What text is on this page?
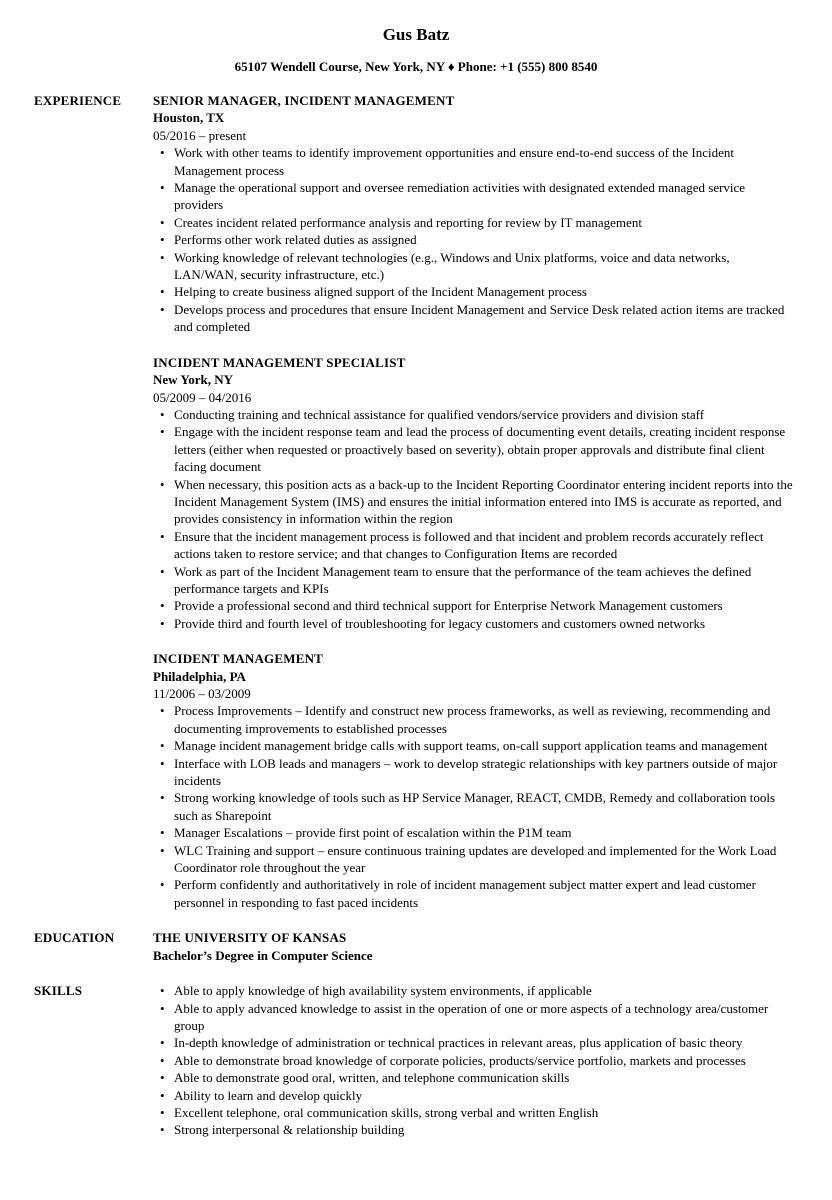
Gus Batz
65107 Wendell Course, New York, NY ♦ Phone: +1 (555) 800 8540
EXPERIENCE SENIOR MANAGER, INCIDENT MANAGEMENT
Houston, TX
05/2016 – present
• Work with other teams to identify improvement opportunities and ensure end-to-end success of the Incident Management process
• Manage the operational support and oversee remediation activities with designated extended managed service providers
• Creates incident related performance analysis and reporting for review by IT management
• Performs other work related duties as assigned
• Working knowledge of relevant technologies (e.g., Windows and Unix platforms, voice and data networks, LAN/WAN, security infrastructure, etc.)
• Helping to create business aligned support of the Incident Management process
• Develops process and procedures that ensure Incident Management and Service Desk related action items are tracked and completed
INCIDENT MANAGEMENT SPECIALIST
New York, NY
05/2009 – 04/2016
• Conducting training and technical assistance for qualified vendors/service providers and division staff
• Engage with the incident response team and lead the process of documenting event details, creating incident response letters (either when requested or proactively based on severity), obtain proper approvals and distribute final client facing document
• When necessary, this position acts as a back-up to the Incident Reporting Coordinator entering incident reports into the Incident Management System (IMS) and ensures the initial information entered into IMS is accurate as reported, and provides consistency in information within the region
• Ensure that the incident management process is followed and that incident and problem records accurately reflect actions taken to restore service; and that changes to Configuration Items are recorded
• Work as part of the Incident Management team to ensure that the performance of the team achieves the defined performance targets and KPIs
• Provide a professional second and third technical support for Enterprise Network Management customers
• Provide third and fourth level of troubleshooting for legacy customers and customers owned networks
INCIDENT MANAGEMENT
Philadelphia, PA
11/2006 – 03/2009
• Process Improvements – Identify and construct new process frameworks, as well as reviewing, recommending and documenting improvements to established processes
• Manage incident management bridge calls with support teams, on-call support application teams and management
• Interface with LOB leads and managers – work to develop strategic relationships with key partners outside of major incidents
• Strong working knowledge of tools such as HP Service Manager, REACT, CMDB, Remedy and collaboration tools such as Sharepoint
• Manager Escalations – provide first point of escalation within the P1M team
• WLC Training and support – ensure continuous training updates are developed and implemented for the Work Load Coordinator role throughout the year
• Perform confidently and authoritatively in role of incident management subject matter expert and lead customer personnel in responding to fast paced incidents
EDUCATION	THE UNIVERSITY OF KANSAS
Bachelor’s Degree in Computer Science
SKILLS
•	Able to apply knowledge of high availability system environments, if applicable
• Able to apply advanced knowledge to assist in the operation of one or more aspects of a technology area/customer group
• In-depth knowledge of administration or technical practices in relevant areas, plus application of basic theory
• Able to demonstrate broad knowledge of corporate policies, products/service portfolio, markets and processes
• Able to demonstrate good oral, written, and telephone communication skills
• Ability to learn and develop quickly
• Excellent telephone, oral communication skills, strong verbal and written English
• Strong interpersonal & relationship building
